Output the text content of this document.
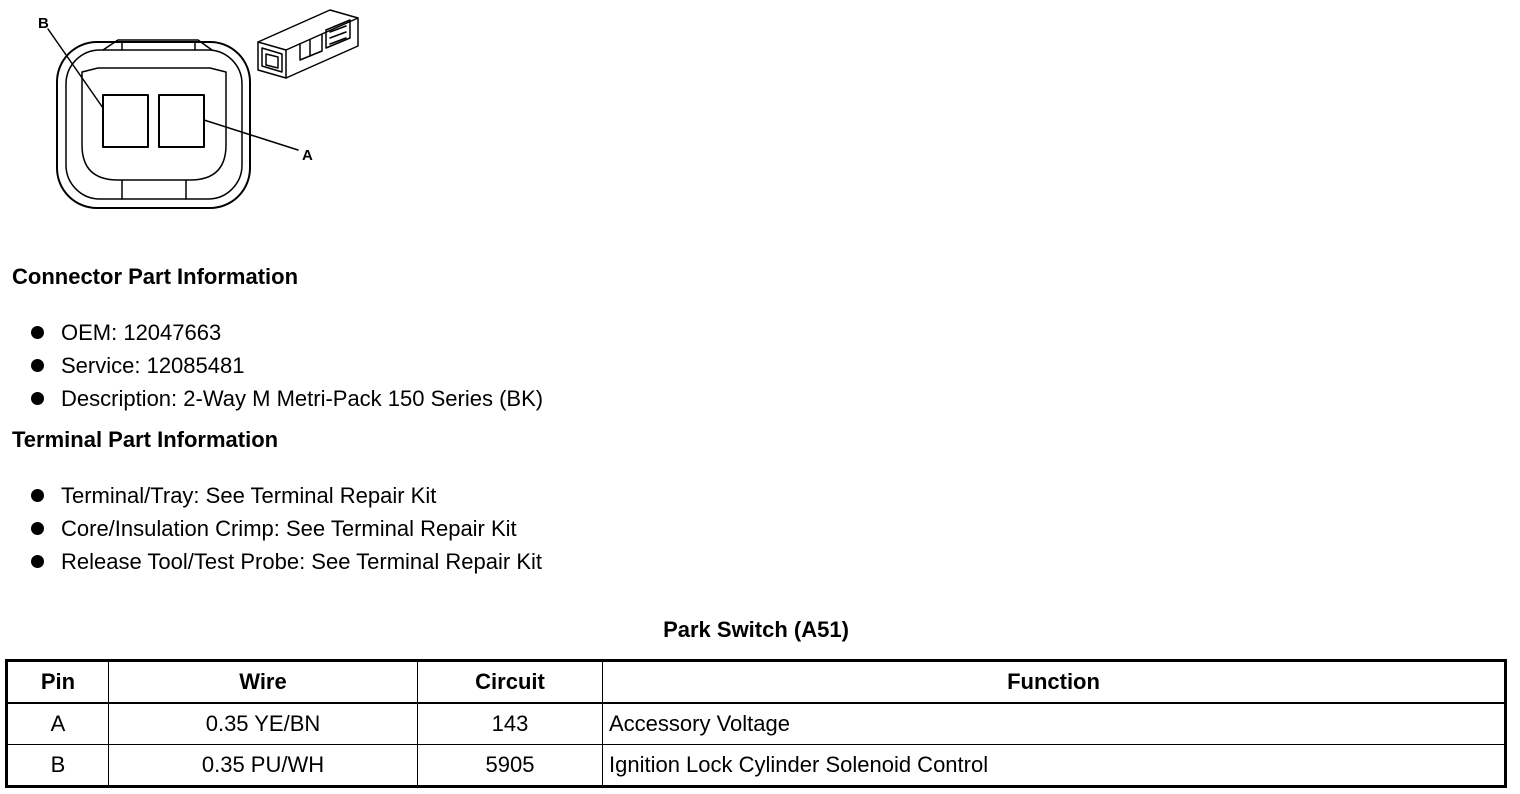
B
A
Connector Part Information
OEM: 12047663
Service: 12085481
Description: 2-Way M Metri-Pack 150 Series (BK)
Terminal Part Information
Terminal/Tray: See Terminal Repair Kit
Core/Insulation Crimp: See Terminal Repair Kit
Release Tool/Test Probe: See Terminal Repair Kit
Park Switch (A51)
Pin	Wire	Circuit	Function
A	0.35 YE/BN	143	Accessory Voltage
B	0.35 PU/WH	5905	Ignition Lock Cylinder Solenoid Control
